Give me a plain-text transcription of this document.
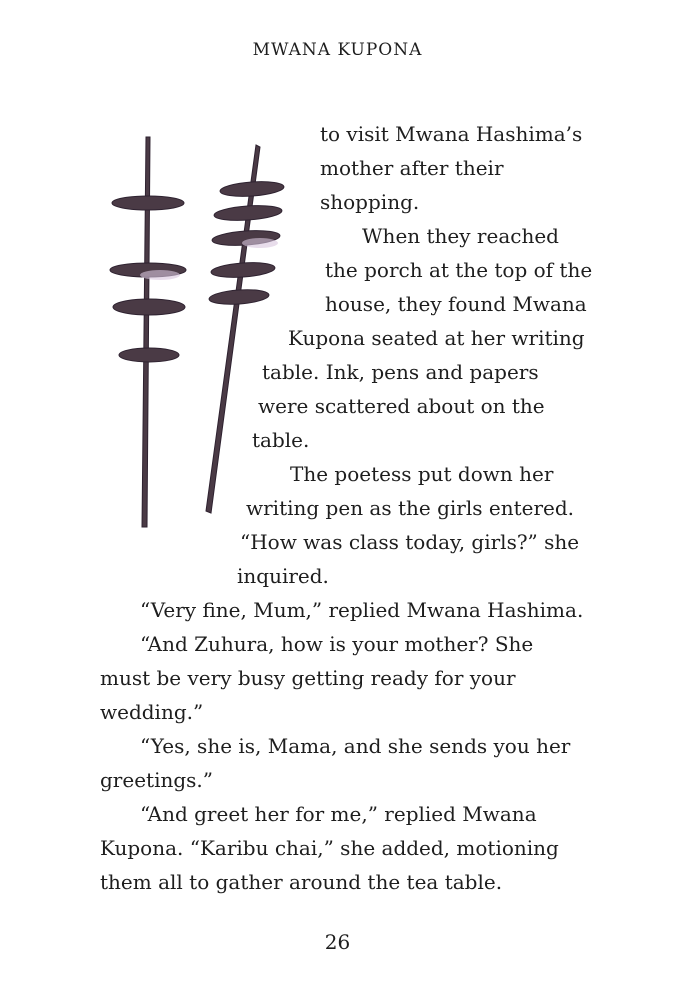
MWANA KUPONA
to visit Mwana Hashima’s
mother after their
shopping.
When they reached
the porch at the top of the
house, they found Mwana
Kupona seated at her writing
table. Ink, pens and papers
were scattered about on the
table.
The poetess put down her
writing pen as the girls entered.
“How was class today, girls?” she
inquired.
“Very fine, Mum,” replied Mwana Hashima.
“And Zuhura, how is your mother? She
must be very busy getting ready for your
wedding.”
“Yes, she is, Mama, and she sends you her
greetings.”
“And greet her for me,” replied Mwana
Kupona. “Karibu chai,” she added, motioning
them all to gather around the tea table.
26
